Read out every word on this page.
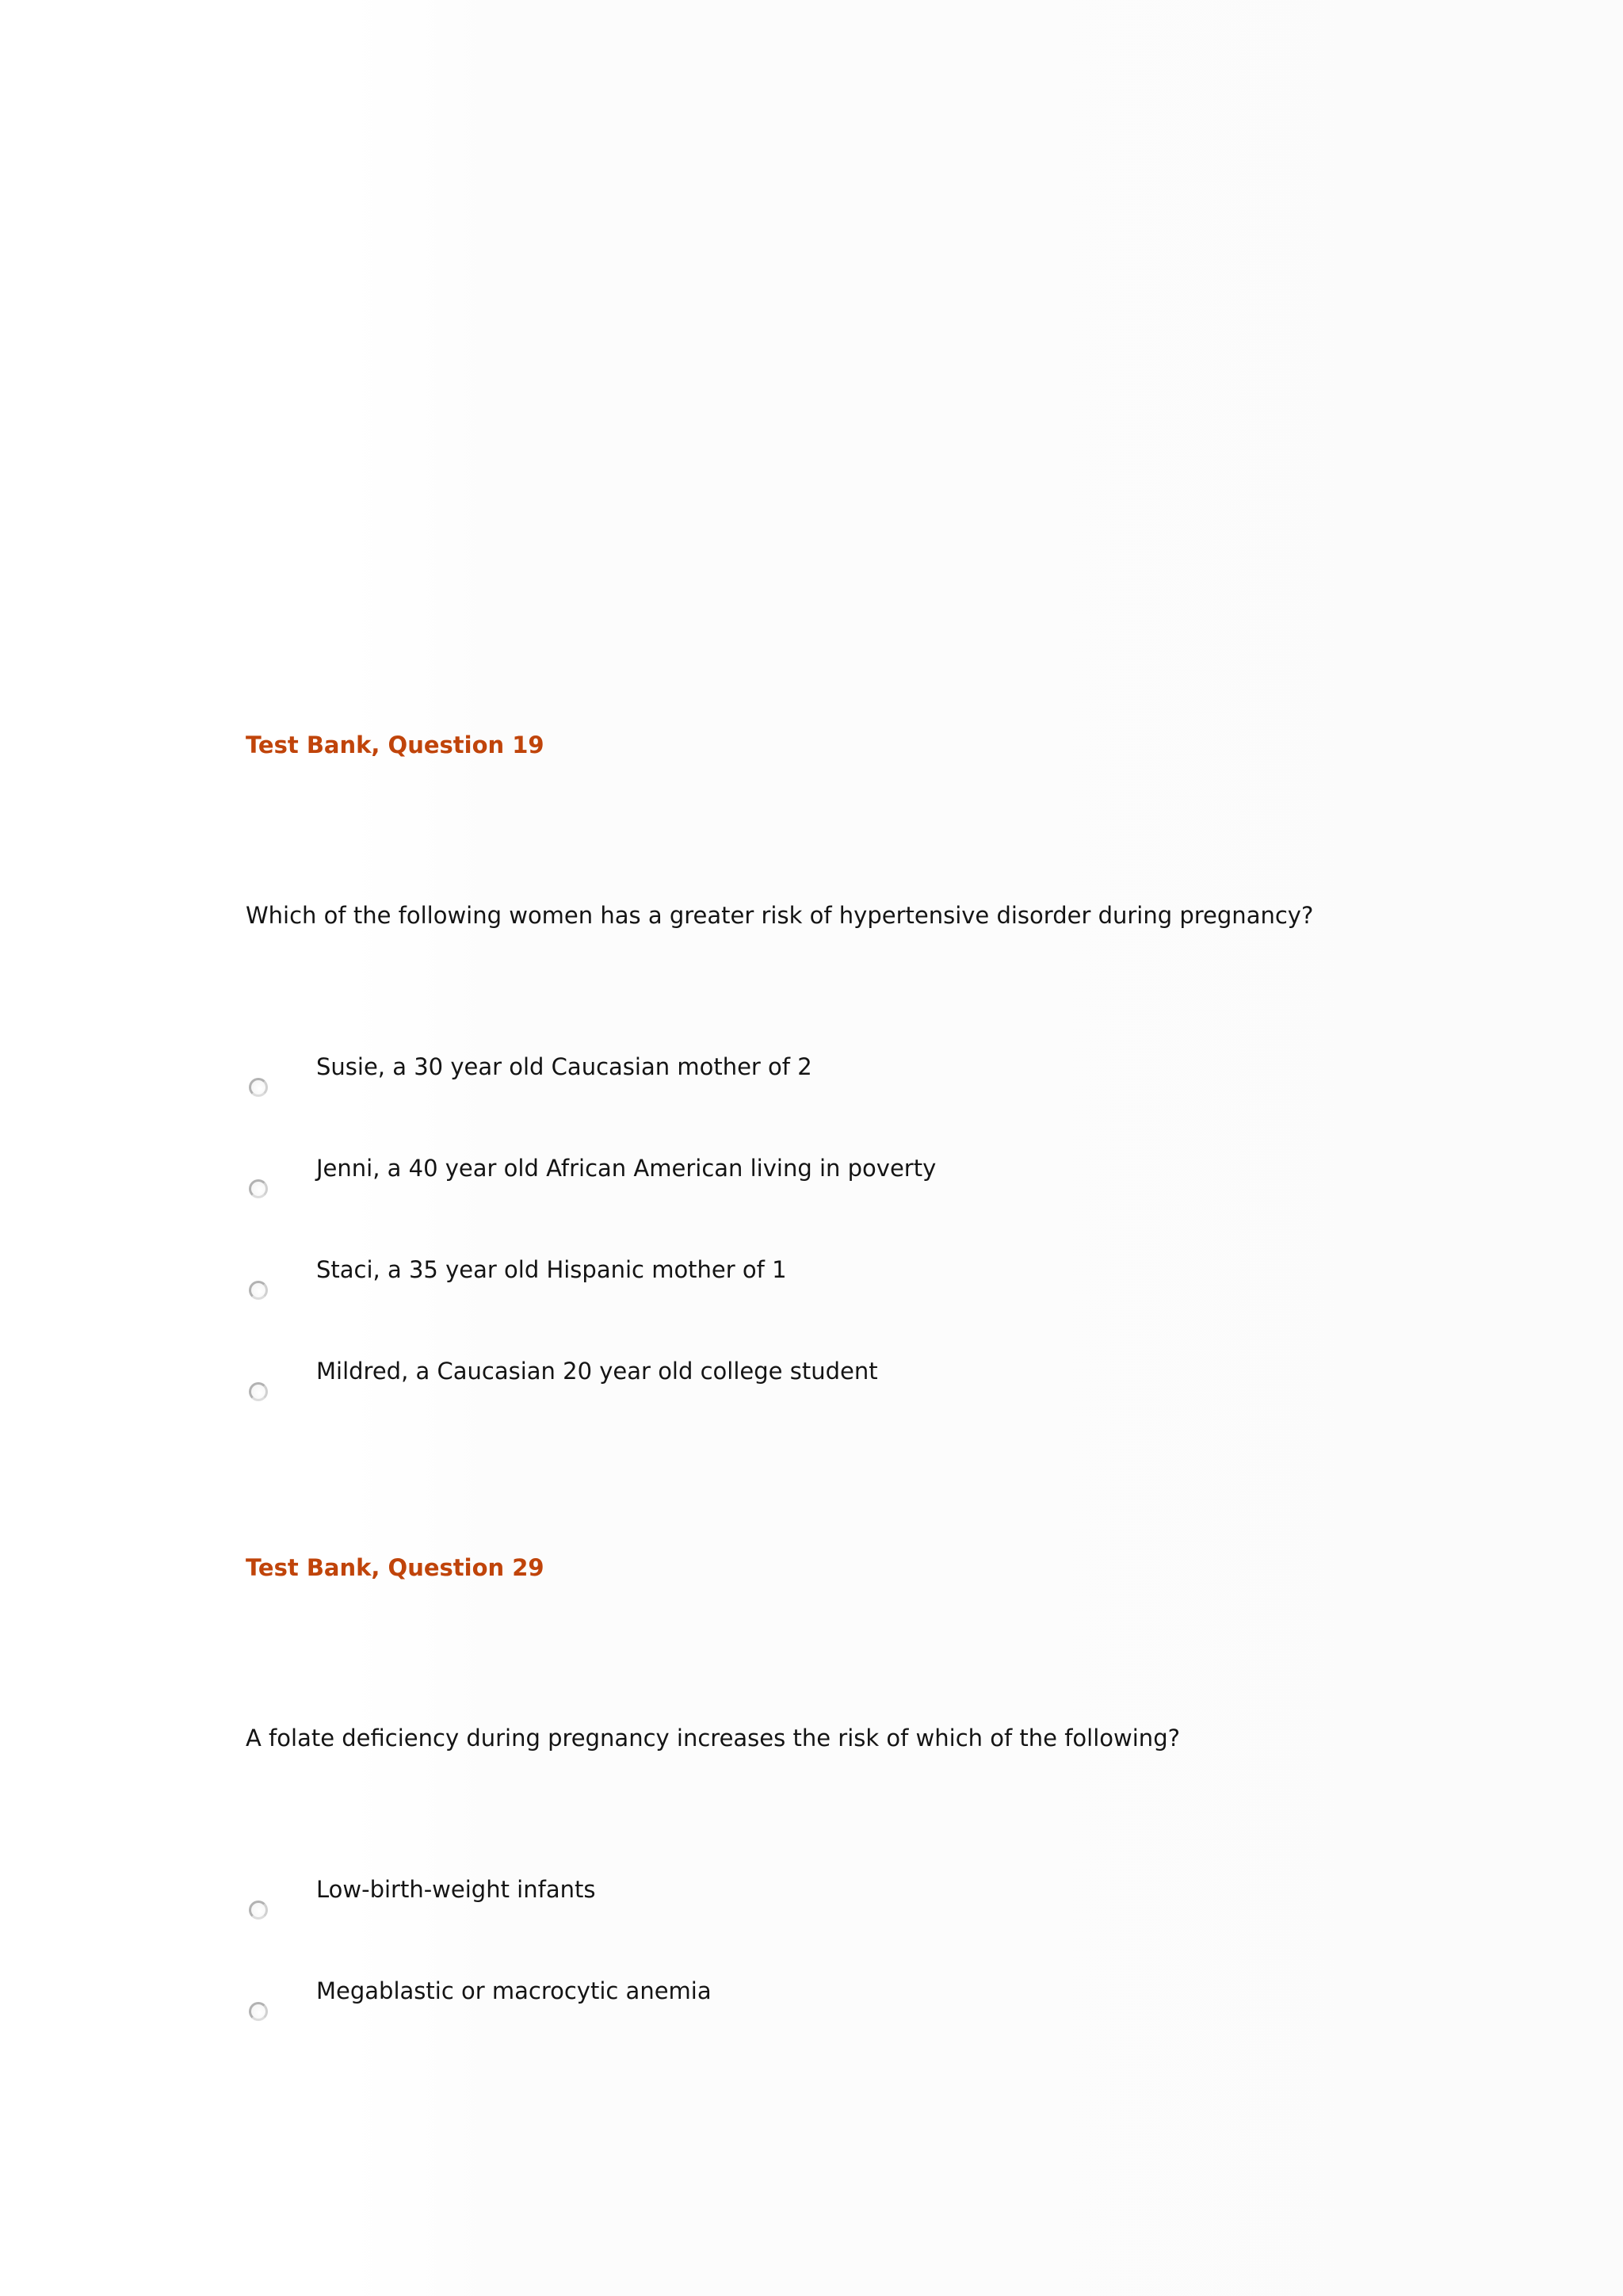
Test Bank, Question 19

Which of the following women has a greater risk of hypertensive disorder during pregnancy?

Susie, a 30 year old Caucasian mother of 2
Jenni, a 40 year old African American living in poverty
Staci, a 35 year old Hispanic mother of 1
Mildred, a Caucasian 20 year old college student
Test Bank, Question 29

A folate deficiency during pregnancy increases the risk of which of the following?

Low-birth-weight infants
Megablastic or macrocytic anemia
